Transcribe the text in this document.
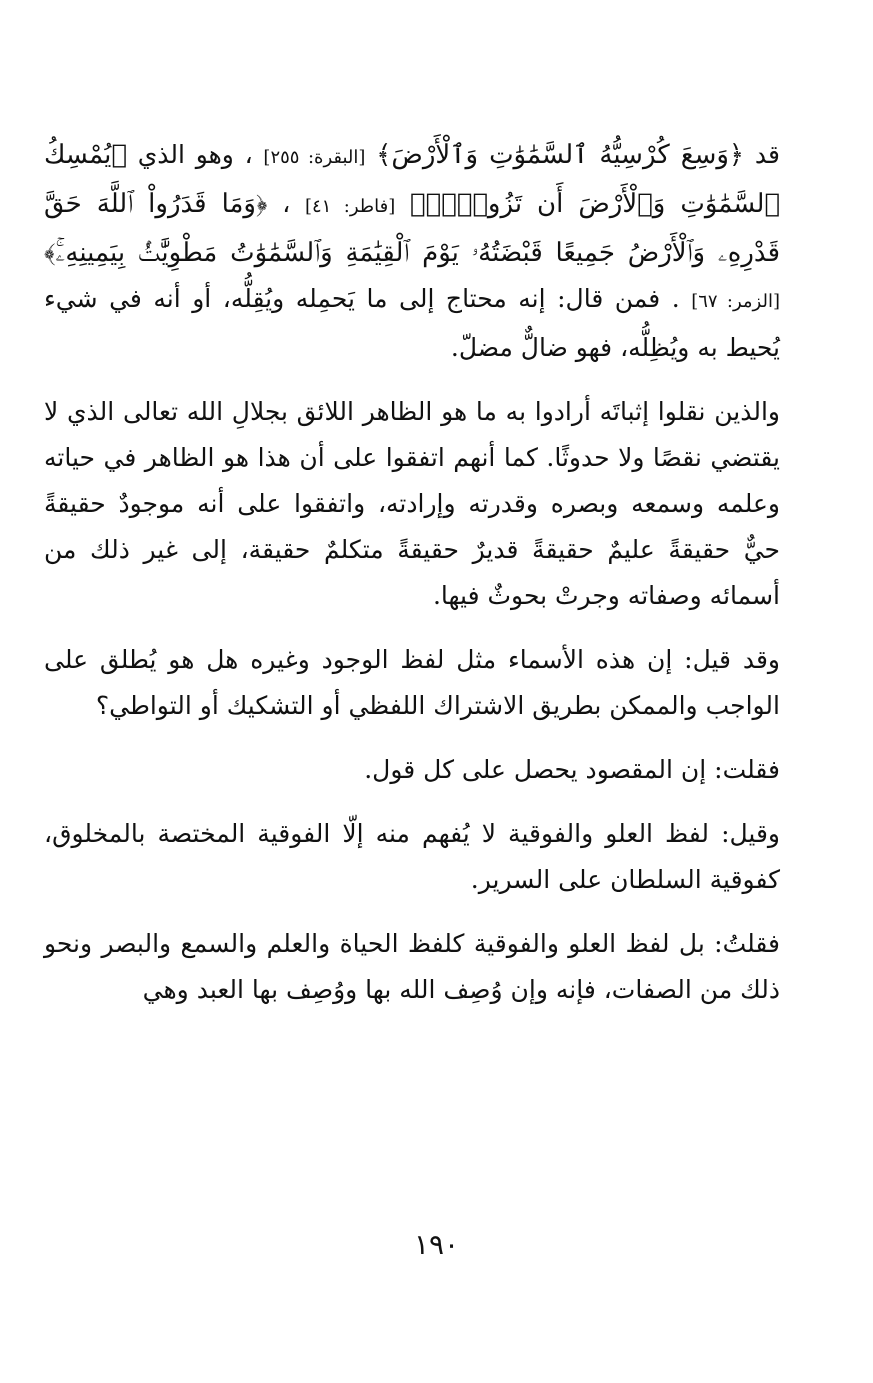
قد ﴿وَسِعَ كُرْسِيُّهُ ٱلسَّمَٰوَٰتِ وَٱلْأَرْضَ﴾ [البقرة: ٢٥٥] ، وهو الذي ﴿يُمْسِكُ ٱلسَّمَٰوَٰتِ وَٱلْأَرْضَ أَن تَزُولَاۚ﴾ [فاطر: ٤١] ، ﴿وَمَا قَدَرُواْ ٱللَّهَ حَقَّ قَدْرِهِۦ وَٱلْأَرْضُ جَمِيعًا قَبْضَتُهُۥ يَوْمَ ٱلْقِيَٰمَةِ وَٱلسَّمَٰوَٰتُ مَطْوِيَّٰتُۢ بِيَمِينِهِۦۚ﴾ [الزمر: ٦٧] . فمن قال: إنه محتاج إلى ما يَحمِله ويُقِلُّه، أو أنه في شيء يُحيط به ويُظِلُّه، فهو ضالٌّ مضلّ.

والذين نقلوا إثباتَه أرادوا به ما هو الظاهر اللائق بجلالِ الله تعالى الذي لا يقتضي نقصًا ولا حدوثًا. كما أنهم اتفقوا على أن هذا هو الظاهر في حياته وعلمه وسمعه وبصره وقدرته وإرادته، واتفقوا على أنه موجودٌ حقيقةً حيٌّ حقيقةً عليمٌ حقيقةً قديرٌ حقيقةً متكلمٌ حقيقة، إلى غير ذلك من أسمائه وصفاته وجرتْ بحوثٌ فيها.

وقد قيل: إن هذه الأسماء مثل لفظ الوجود وغيره هل هو يُطلق على الواجب والممكن بطريق الاشتراك اللفظي أو التشكيك أو التواطي؟

فقلت: إن المقصود يحصل على كل قول.

وقيل: لفظ العلو والفوقية لا يُفهم منه إلّا الفوقية المختصة بالمخلوق، كفوقية السلطان على السرير.

فقلتُ: بل لفظ العلو والفوقية كلفظ الحياة والعلم والسمع والبصر ونحو ذلك من الصفات، فإنه وإن وُصِف الله بها ووُصِف بها العبد وهي

١٩٠
